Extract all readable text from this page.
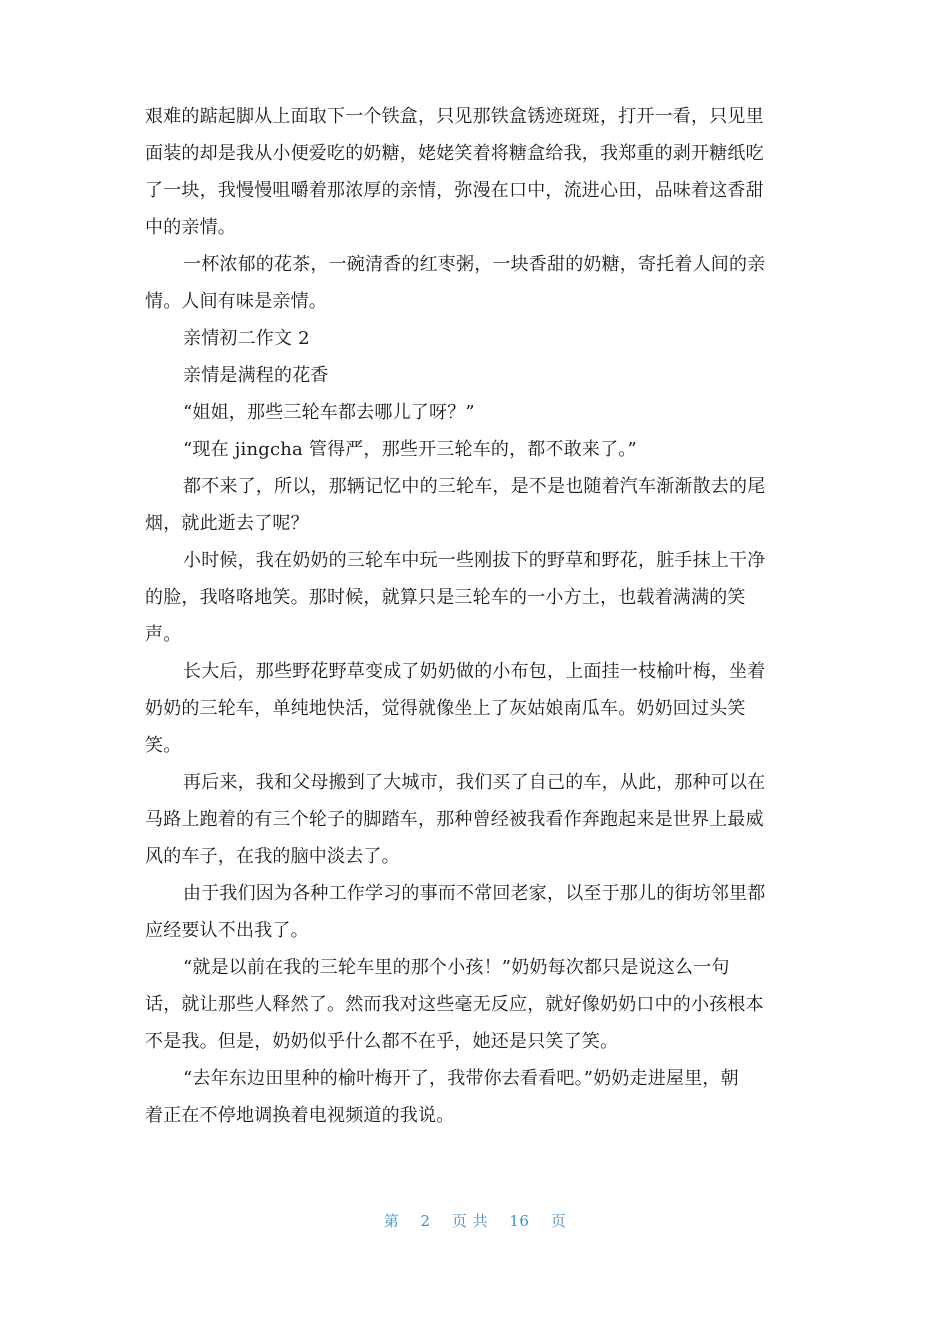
艰难的踮起脚从上面取下一个铁盒，只见那铁盒锈迹斑斑，打开一看，只见里
面装的却是我从小便爱吃的奶糖，姥姥笑着将糖盒给我，我郑重的剥开糖纸吃
了一块，我慢慢咀嚼着那浓厚的亲情，弥漫在口中，流进心田，品味着这香甜
中的亲情。
一杯浓郁的花茶，一碗清香的红枣粥，一块香甜的奶糖，寄托着人间的亲
情。人间有味是亲情。
亲情初二作文 2
亲情是满程的花香
“姐姐，那些三轮车都去哪儿了呀？”
“现在 jingcha 管得严，那些开三轮车的，都不敢来了。”
都不来了，所以，那辆记忆中的三轮车，是不是也随着汽车渐渐散去的尾
烟，就此逝去了呢？
小时候，我在奶奶的三轮车中玩一些刚拔下的野草和野花，脏手抹上干净
的脸，我咯咯地笑。那时候，就算只是三轮车的一小方土，也载着满满的笑
声。
长大后，那些野花野草变成了奶奶做的小布包，上面挂一枝榆叶梅，坐着
奶奶的三轮车，单纯地快活，觉得就像坐上了灰姑娘南瓜车。奶奶回过头笑
笑。
再后来，我和父母搬到了大城市，我们买了自己的车，从此，那种可以在
马路上跑着的有三个轮子的脚踏车，那种曾经被我看作奔跑起来是世界上最威
风的车子，在我的脑中淡去了。
由于我们因为各种工作学习的事而不常回老家，以至于那儿的街坊邻里都
应经要认不出我了。
“就是以前在我的三轮车里的那个小孩！”奶奶每次都只是说这么一句
话，就让那些人释然了。然而我对这些毫无反应，就好像奶奶口中的小孩根本
不是我。但是，奶奶似乎什么都不在乎，她还是只笑了笑。
“去年东边田里种的榆叶梅开了，我带你去看看吧。”奶奶走进屋里，朝
着正在不停地调换着电视频道的我说。
第 2 页 共 16 页
